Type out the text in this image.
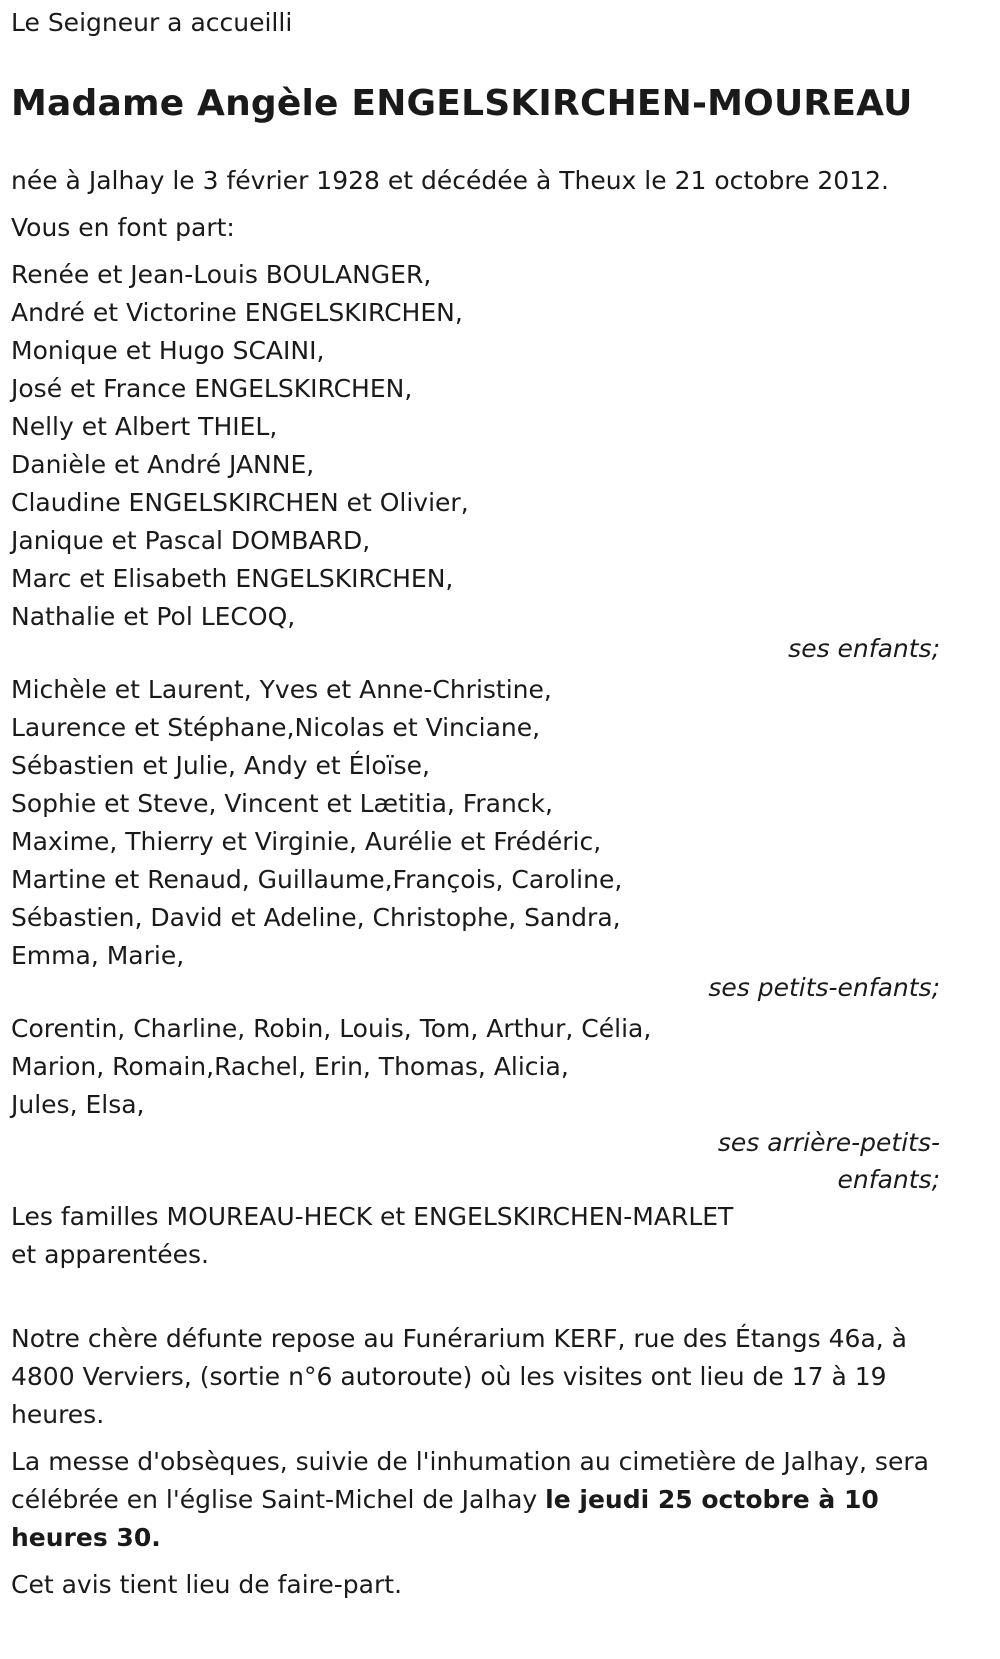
Le Seigneur a accueilli
Madame Angèle ENGELSKIRCHEN-MOUREAU
née à Jalhay le 3 février 1928 et décédée à Theux le 21 octobre 2012.
Vous en font part:
Renée et Jean-Louis BOULANGER,
André et Victorine ENGELSKIRCHEN,
Monique et Hugo SCAINI,
José et France ENGELSKIRCHEN,
Nelly et Albert THIEL,
Danièle et André JANNE,
Claudine ENGELSKIRCHEN et Olivier,
Janique et Pascal DOMBARD,
Marc et Elisabeth ENGELSKIRCHEN,
Nathalie et Pol LECOQ,
ses enfants;
Michèle et Laurent, Yves et Anne-Christine,
Laurence et Stéphane,Nicolas et Vinciane,
Sébastien et Julie, Andy et Éloïse,
Sophie et Steve, Vincent et Lætitia, Franck,
Maxime, Thierry et Virginie, Aurélie et Frédéric,
Martine et Renaud, Guillaume,François, Caroline,
Sébastien, David et Adeline, Christophe, Sandra,
Emma, Marie,
ses petits-enfants;
Corentin, Charline, Robin, Louis, Tom, Arthur, Célia,
Marion, Romain,Rachel, Erin, Thomas, Alicia,
Jules, Elsa,
ses arrière-petits-
enfants;
Les familles MOUREAU-HECK et ENGELSKIRCHEN-MARLET
et apparentées.
Notre chère défunte repose au Funérarium KERF, rue des Étangs 46a, à
4800 Verviers, (sortie n°6 autoroute) où les visites ont lieu de 17 à 19
heures.
La messe d'obsèques, suivie de l'inhumation au cimetière de Jalhay, sera
célébrée en l'église Saint-Michel de Jalhay le jeudi 25 octobre à 10
heures 30.
Cet avis tient lieu de faire-part.
